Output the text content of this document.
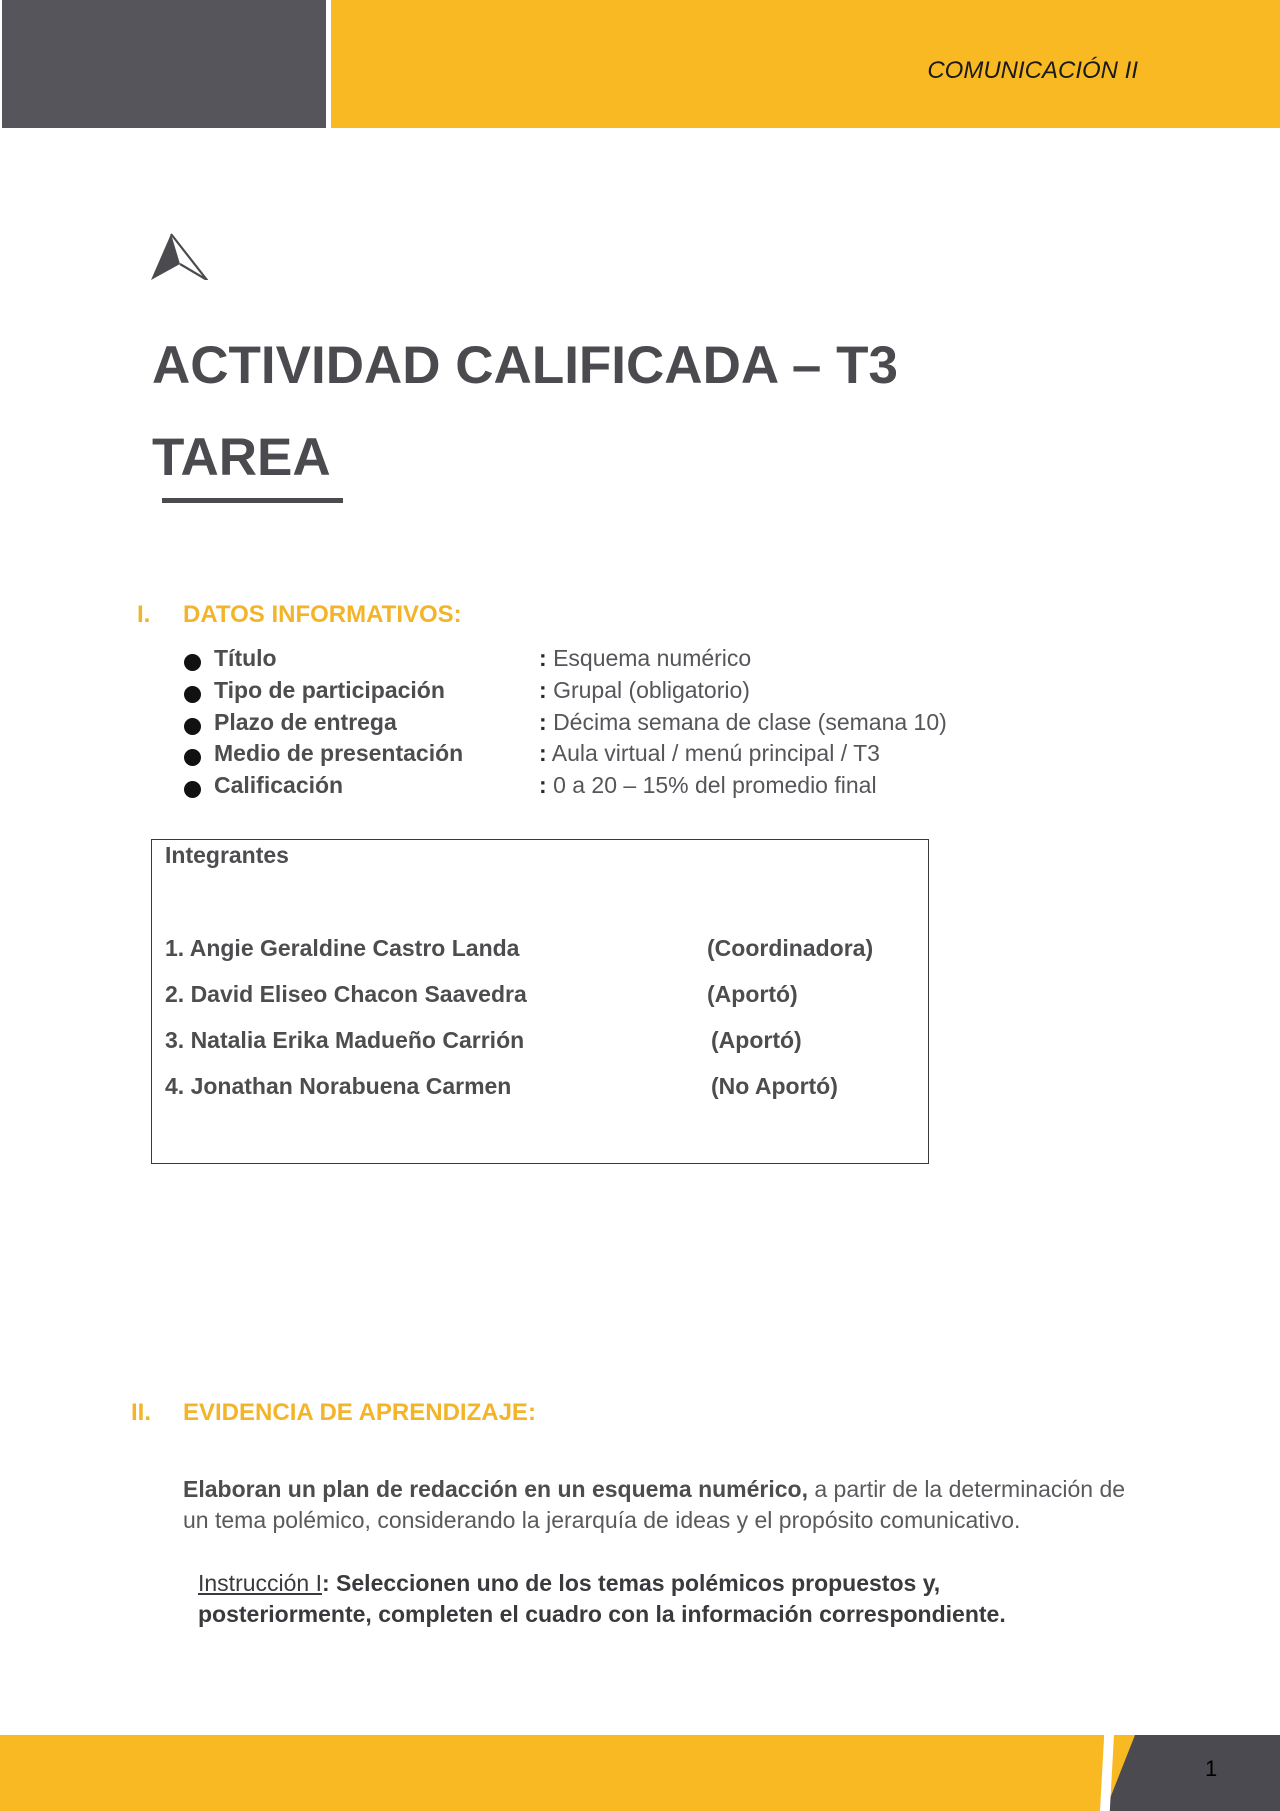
COMUNICACIÓN II
ACTIVIDAD CALIFICADA – T3
TAREA
I. DATOS INFORMATIVOS:
Título	: Esquema numérico
Tipo de participación	: Grupal (obligatorio)
Plazo de entrega	: Décima semana de clase (semana 10)
Medio de presentación	: Aula virtual / menú principal / T3
Calificación	: 0 a 20 – 15% del promedio final
Integrantes
1. Angie Geraldine Castro Landa	(Coordinadora)
2. David Eliseo Chacon Saavedra	(Aportó)
3. Natalia Erika Madueño Carrión	(Aportó)
4. Jonathan Norabuena Carmen	(No Aportó)
II. EVIDENCIA DE APRENDIZAJE:
Elaboran un plan de redacción en un esquema numérico, a partir de la determinación de un tema polémico, considerando la jerarquía de ideas y el propósito comunicativo.
Instrucción I: Seleccionen uno de los temas polémicos propuestos y, posteriormente, completen el cuadro con la información correspondiente.
1
